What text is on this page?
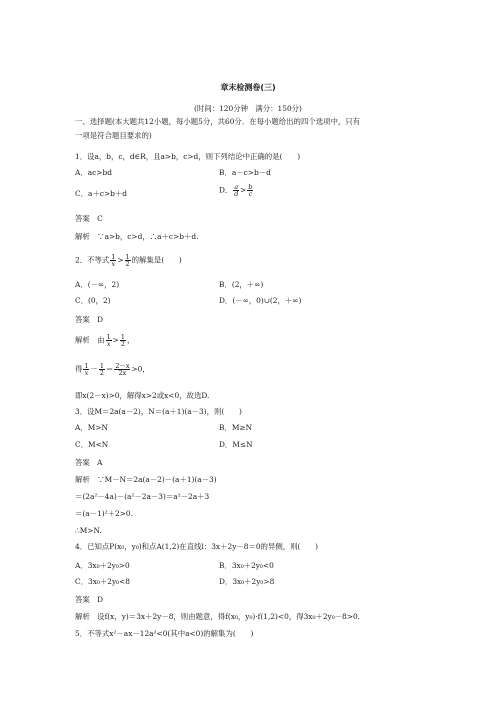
章末检测卷(三)
(时间：120分钟　满分：150分)
一、选择题(本大题共12小题，每小题5分，共60分．在每小题给出的四个选项中，只有
一项是符合题目要求的)
1．设a，b，c，d∈R，且a>b，c>d，则下列结论中正确的是(　　)
A．ac>bd	B．a－c>b－d
C．a＋c>b＋d	D． $\frac{a}{d} > \frac{b}{c}$
答案　C
解析　∵a>b，c>d，∴a＋c>b＋d.
2．不等式 $\frac{1}{x} > \frac{1}{2}$ 的解集是(　　)
A．(－∞，2)	B．(2，＋∞)
C．(0，2)	D．(－∞，0)∪(2，＋∞)
答案　D
解析　由 $\frac{1}{x} > \frac{1}{2}$ ，
得 $\frac{1}{x} - \frac{1}{2} = \frac{2-x}{2x} >0$，
即x(2－x)>0，解得x>2或x<0，故选D.
3．设M＝2a(a－2)，N＝(a＋1)(a－3)，则(　　)
A．M>N	B．M≥N
C．M<N	D．M≤N
答案　A
解析　∵M－N＝2a(a－2)－(a＋1)(a－3)
＝(2a²－4a)－(a²－2a－3)＝a²－2a＋3
＝(a－1)²＋2>0.
∴M>N.
4．已知点P(x₀，y₀)和点A(1,2)在直线l：3x＋2y－8＝0的异侧，则(　　)
A．3x₀＋2y₀>0	B．3x₀＋2y₀<0
C．3x₀＋2y₀<8	D．3x₀＋2y₀>8
答案　D
解析　设f(x，y)＝3x＋2y－8，则由题意，得f(x₀，y₀)·f(1,2)<0，得3x₀＋2y₀－8>0.
5．不等式x²－ax－12a²<0(其中a<0)的解集为(　　)
